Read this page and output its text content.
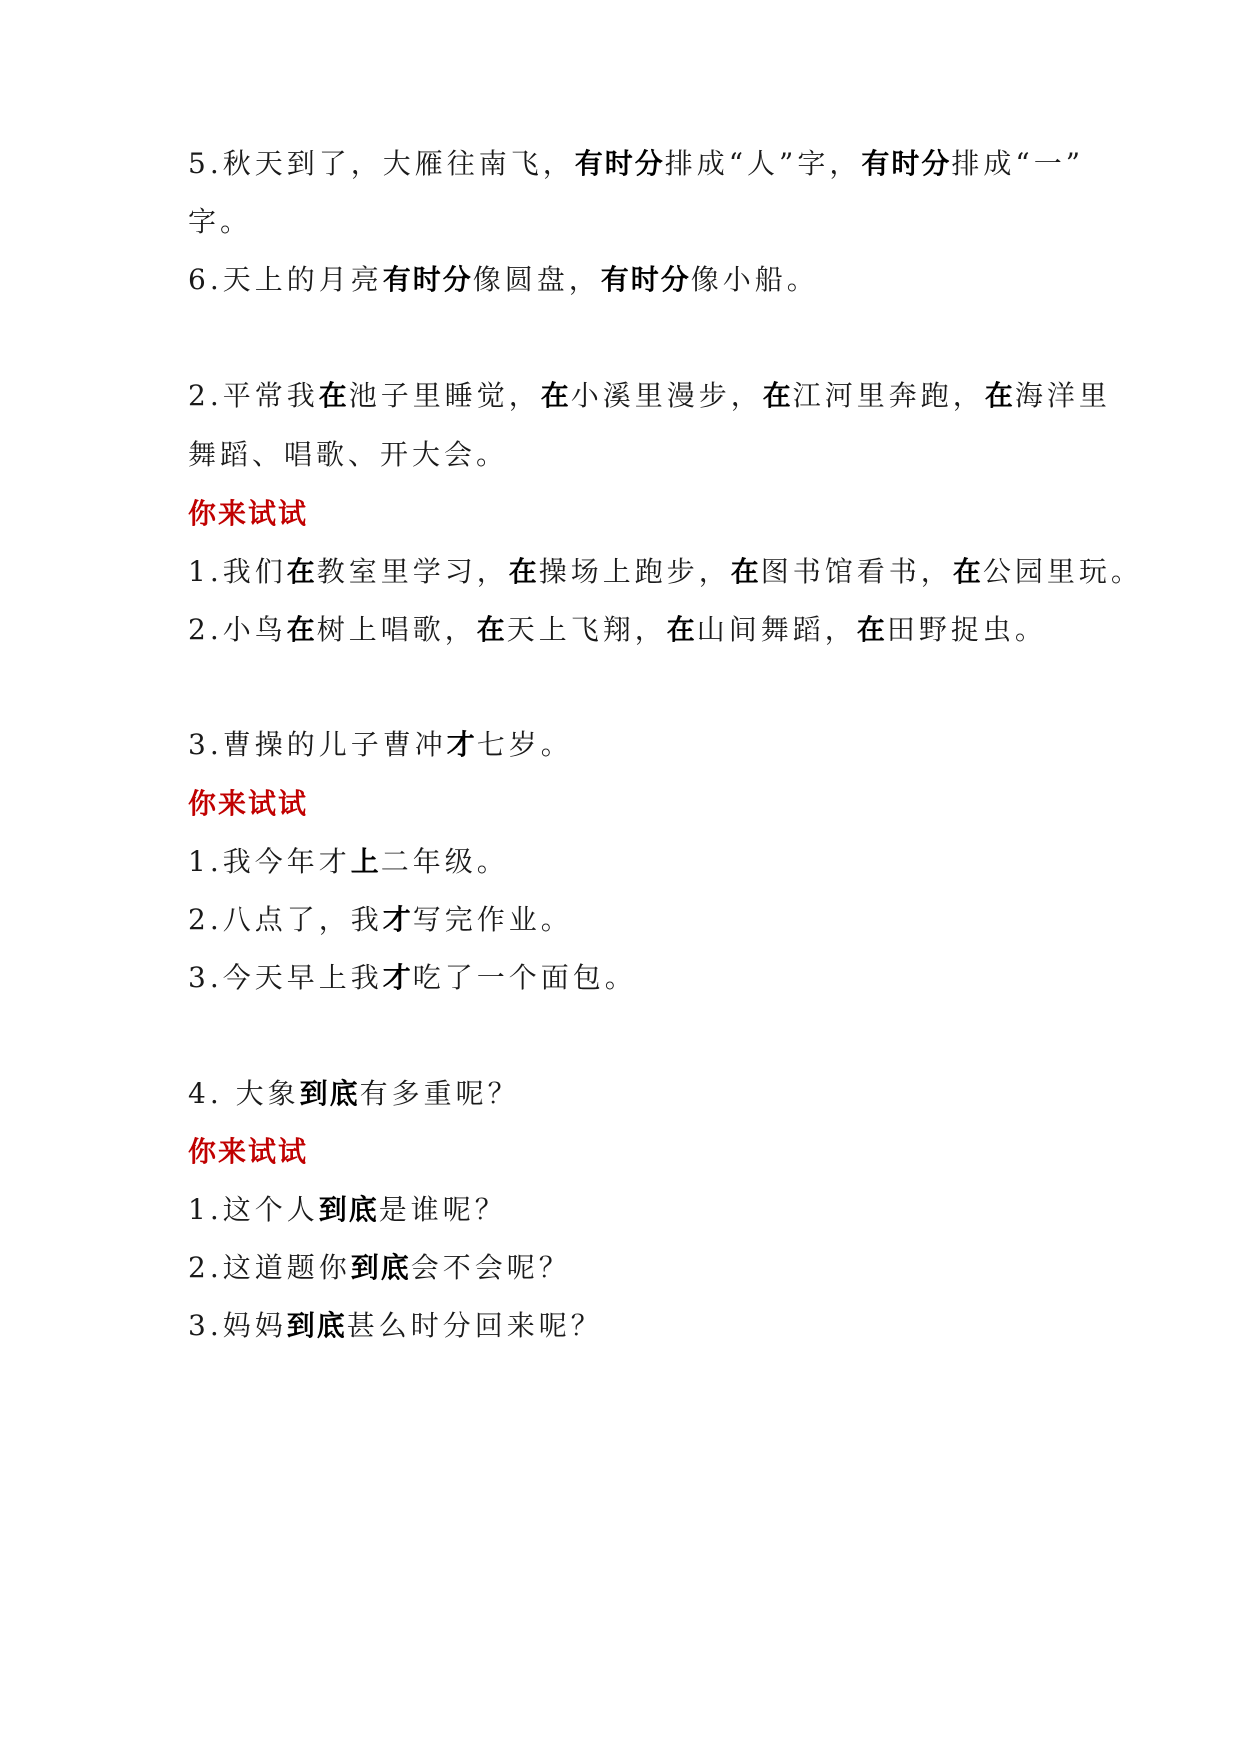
5.秋天到了，大雁往南飞，有时分排成“人”字，有时分排成“一”
字。
6.天上的月亮有时分像圆盘，有时分像小船。
2.平常我在池子里睡觉，在小溪里漫步，在江河里奔跑，在海洋里
舞蹈、唱歌、开大会。
你来试试
1.我们在教室里学习，在操场上跑步，在图书馆看书，在公园里玩。
2.小鸟在树上唱歌，在天上飞翔，在山间舞蹈，在田野捉虫。
3.曹操的儿子曹冲才七岁。
你来试试
1.我今年才上二年级。
2.八点了，我才写完作业。
3.今天早上我才吃了一个面包。
4. 大象到底有多重呢？
你来试试
1.这个人到底是谁呢？
2.这道题你到底会不会呢？
3.妈妈到底甚么时分回来呢？
